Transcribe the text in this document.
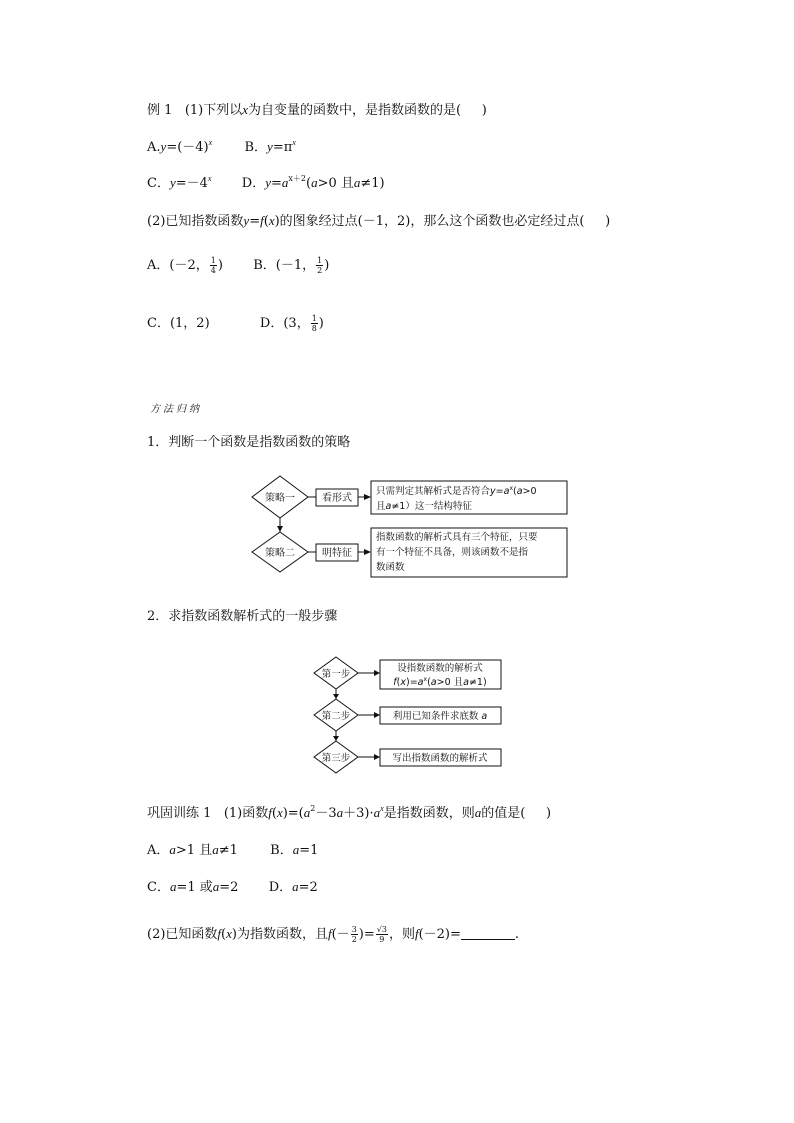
例 1 (1)下列以x为自变量的函数中，是指数函数的是( )
$A.y=(-4)^x$ B．$y=\pi^x$
C．$y=-4^x$ D．$y=a^{x+2}(a>0$ 且a≠1)
(2)已知指数函数y=f(x)的图象经过点(－1，2)，那么这个函数也必定经过点( )
A．(－2， $\frac{1}{4}$ ) B．(－1， $\frac{1}{2}$ )
C．(1，2)	D．(3， $\frac{1}{8}$ )
方法归纳
1．判断一个函数是指数函数的策略
策略一	看形式
只需判定其解析式是否符合$y=a^x(a>0$
且a≠1）这一结构特征
策略二	明特征
指数函数的解析式具有三个特征，只要
有一个特征不具备，则该函数不是指
数函数
2．求指数函数解析式的一般步骤
第一步
设指数函数的解析式
$f(x)=a^x(a>0$ 且a≠1)
第二步	利用已知条件求底数 a
第三步	写出指数函数的解析式
巩固训练 1 (1)函数$f(x)=(a^2-3a+3)\cdot a^x$是指数函数，则a的值是( )
A．a>1 且a≠1 B．a=1
C．a=1 或a=2 D．a=2
(2)已知函数f(x)为指数函数，且$f(- \frac{3}{2}$ )= $\frac{√3}{9}$ ，则f(－2)=	.
